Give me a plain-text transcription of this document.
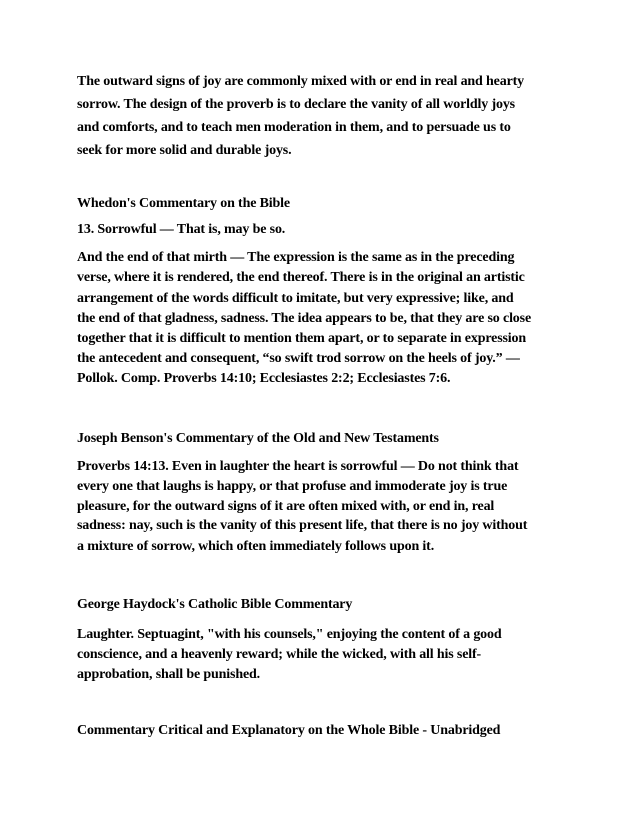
The outward signs of joy are commonly mixed with or end in real and hearty
sorrow. The design of the proverb is to declare the vanity of all worldly joys
and comforts, and to teach men moderation in them, and to persuade us to
seek for more solid and durable joys.
Whedon's Commentary on the Bible
13. Sorrowful — That is, may be so.
And the end of that mirth — The expression is the same as in the preceding
verse, where it is rendered, the end thereof. There is in the original an artistic
arrangement of the words difficult to imitate, but very expressive; like, and
the end of that gladness, sadness. The idea appears to be, that they are so close
together that it is difficult to mention them apart, or to separate in expression
the antecedent and consequent, “so swift trod sorrow on the heels of joy.” —
Pollok. Comp. Proverbs 14:10; Ecclesiastes 2:2; Ecclesiastes 7:6.
Joseph Benson's Commentary of the Old and New Testaments
Proverbs 14:13. Even in laughter the heart is sorrowful — Do not think that
every one that laughs is happy, or that profuse and immoderate joy is true
pleasure, for the outward signs of it are often mixed with, or end in, real
sadness: nay, such is the vanity of this present life, that there is no joy without
a mixture of sorrow, which often immediately follows upon it.
George Haydock's Catholic Bible Commentary
Laughter. Septuagint, "with his counsels," enjoying the content of a good
conscience, and a heavenly reward; while the wicked, with all his self-
approbation, shall be punished.
Commentary Critical and Explanatory on the Whole Bible - Unabridged
